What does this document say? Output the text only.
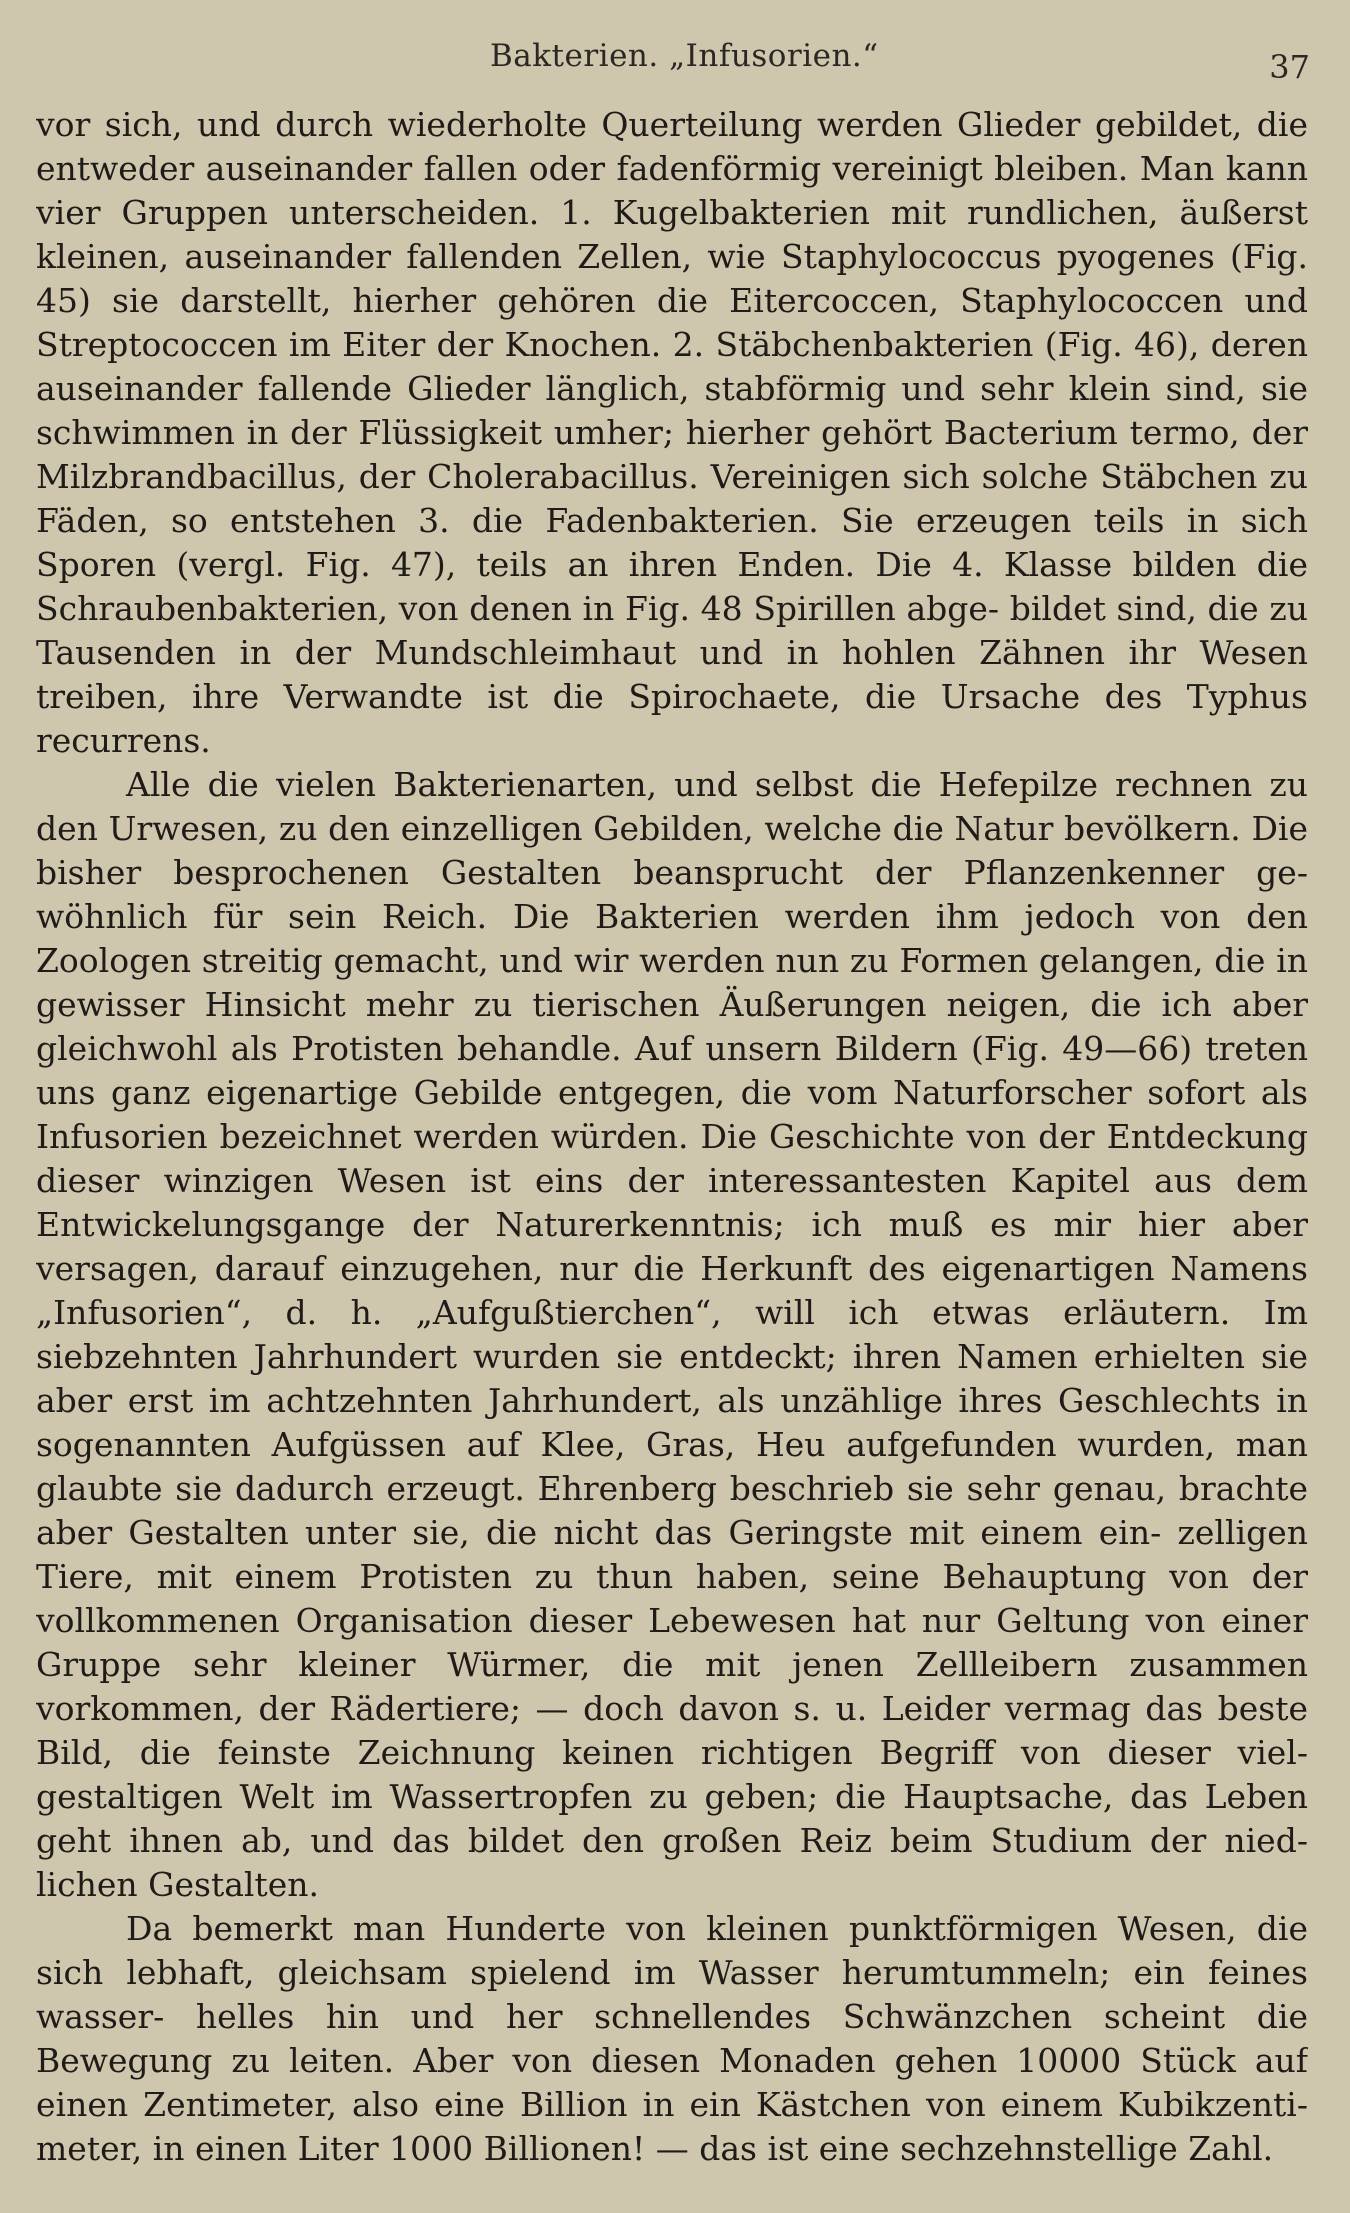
Bakterien. „Infusorien.“	37

vor sich, und durch wiederholte Querteilung werden Glieder gebildet, die entweder auseinander fallen oder fadenförmig vereinigt bleiben. Man kann vier Gruppen unterscheiden. 1. Kugelbakterien mit rundlichen, äußerst kleinen, auseinander fallenden Zellen, wie Staphylococcus pyogenes (Fig. 45) sie darstellt, hierher gehören die Eitercoccen, Staphylococcen und Streptococcen im Eiter der Knochen. 2. Stäbchenbakterien (Fig. 46), deren auseinander fallende Glieder länglich, stabförmig und sehr klein sind, sie schwimmen in der Flüssigkeit umher; hierher gehört Bacterium termo, der Milzbrandbacillus, der Cholerabacillus. Vereinigen sich solche Stäbchen zu Fäden, so entstehen 3. die Fadenbakterien. Sie erzeugen teils in sich Sporen (vergl. Fig. 47), teils an ihren Enden. Die 4. Klasse bilden die Schraubenbakterien, von denen in Fig. 48 Spirillen abge- bildet sind, die zu Tausenden in der Mundschleimhaut und in hohlen Zähnen ihr Wesen treiben, ihre Verwandte ist die Spirochaete, die Ursache des Typhus recurrens.

Alle die vielen Bakterienarten, und selbst die Hefepilze rechnen zu den Urwesen, zu den einzelligen Gebilden, welche die Natur bevölkern. Die bisher besprochenen Gestalten beansprucht der Pflanzenkenner ge- wöhnlich für sein Reich. Die Bakterien werden ihm jedoch von den Zoologen streitig gemacht, und wir werden nun zu Formen gelangen, die in gewisser Hinsicht mehr zu tierischen Äußerungen neigen, die ich aber gleichwohl als Protisten behandle. Auf unsern Bildern (Fig. 49—66) treten uns ganz eigenartige Gebilde entgegen, die vom Naturforscher sofort als Infusorien bezeichnet werden würden. Die Geschichte von der Entdeckung dieser winzigen Wesen ist eins der interessantesten Kapitel aus dem Entwickelungsgange der Naturerkenntnis; ich muß es mir hier aber versagen, darauf einzugehen, nur die Herkunft des eigenartigen Namens „Infusorien“, d. h. „Aufgußtierchen“, will ich etwas erläutern. Im siebzehnten Jahrhundert wurden sie entdeckt; ihren Namen erhielten sie aber erst im achtzehnten Jahrhundert, als unzählige ihres Geschlechts in sogenannten Aufgüssen auf Klee, Gras, Heu aufgefunden wurden, man glaubte sie dadurch erzeugt. Ehrenberg beschrieb sie sehr genau, brachte aber Gestalten unter sie, die nicht das Geringste mit einem ein- zelligen Tiere, mit einem Protisten zu thun haben, seine Behauptung von der vollkommenen Organisation dieser Lebewesen hat nur Geltung von einer Gruppe sehr kleiner Würmer, die mit jenen Zellleibern zusammen vorkommen, der Rädertiere; — doch davon s. u. Leider vermag das beste Bild, die feinste Zeichnung keinen richtigen Begriff von dieser viel- gestaltigen Welt im Wassertropfen zu geben; die Hauptsache, das Leben geht ihnen ab, und das bildet den großen Reiz beim Studium der nied- lichen Gestalten.

Da bemerkt man Hunderte von kleinen punktförmigen Wesen, die sich lebhaft, gleichsam spielend im Wasser herumtummeln; ein feines wasser- helles hin und her schnellendes Schwänzchen scheint die Bewegung zu leiten. Aber von diesen Monaden gehen 10000 Stück auf einen Zentimeter, also eine Billion in ein Kästchen von einem Kubikzenti- meter, in einen Liter 1000 Billionen! — das ist eine sechzehnstellige Zahl.
